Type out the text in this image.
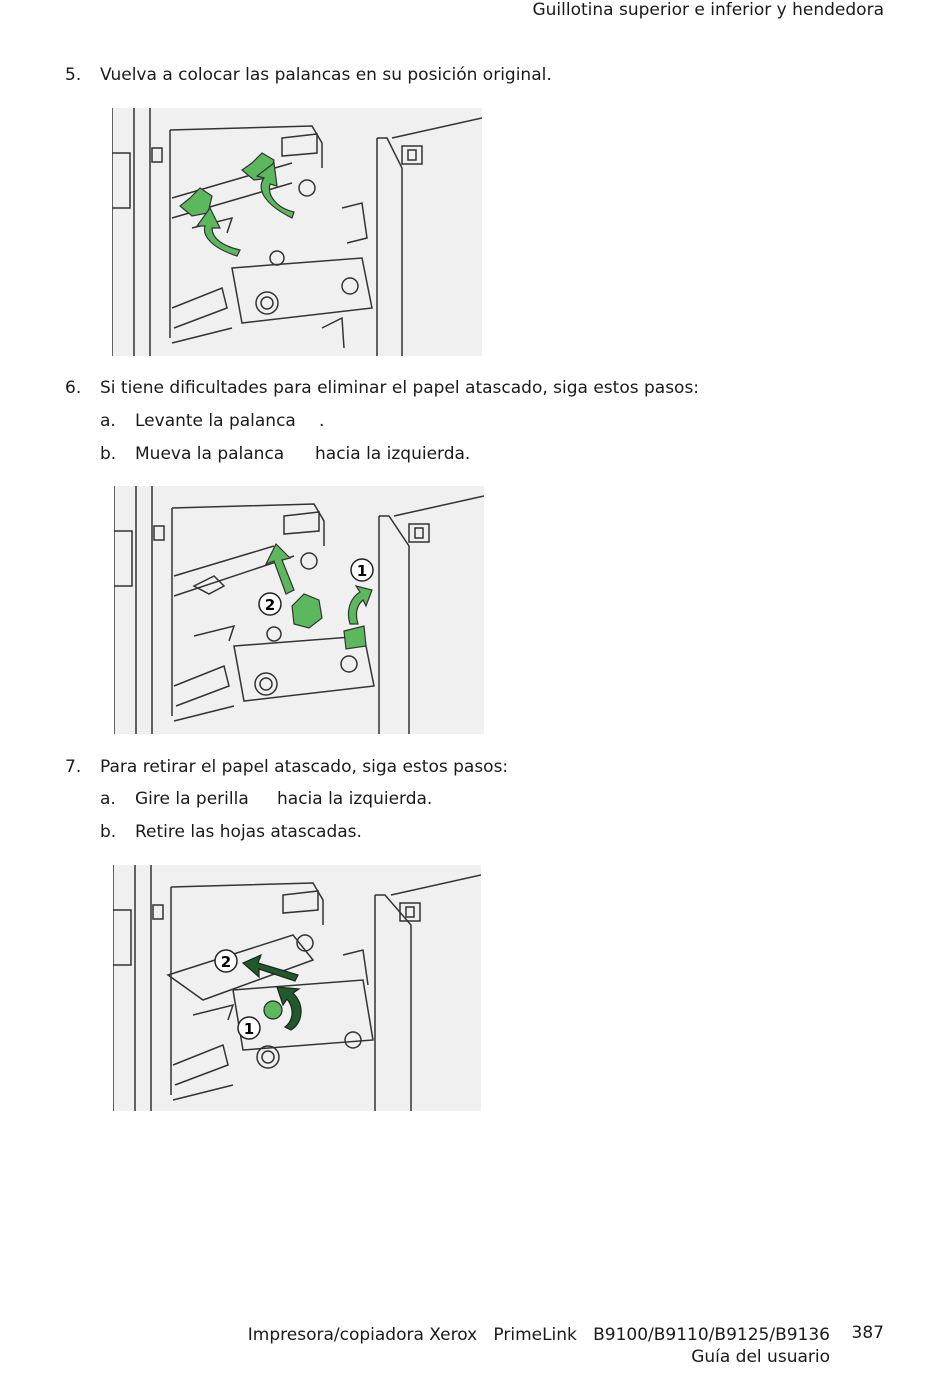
Guillotina superior e inferior y hendedora
5. Vuelva a colocar las palancas en su posición original.
6. Si tiene dificultades para eliminar el papel atascado, siga estos pasos:
a. Levante la palanca .
b. Mueva la palanca hacia la izquierda.
1
2
7. Para retirar el papel atascado, siga estos pasos:
a. Gire la perilla hacia la izquierda.
b. Retire las hojas atascadas.
2
1
Impresora/copiadora Xerox   PrimeLink   B9100/B9110/B9125/B9136
Guía del usuario
387
